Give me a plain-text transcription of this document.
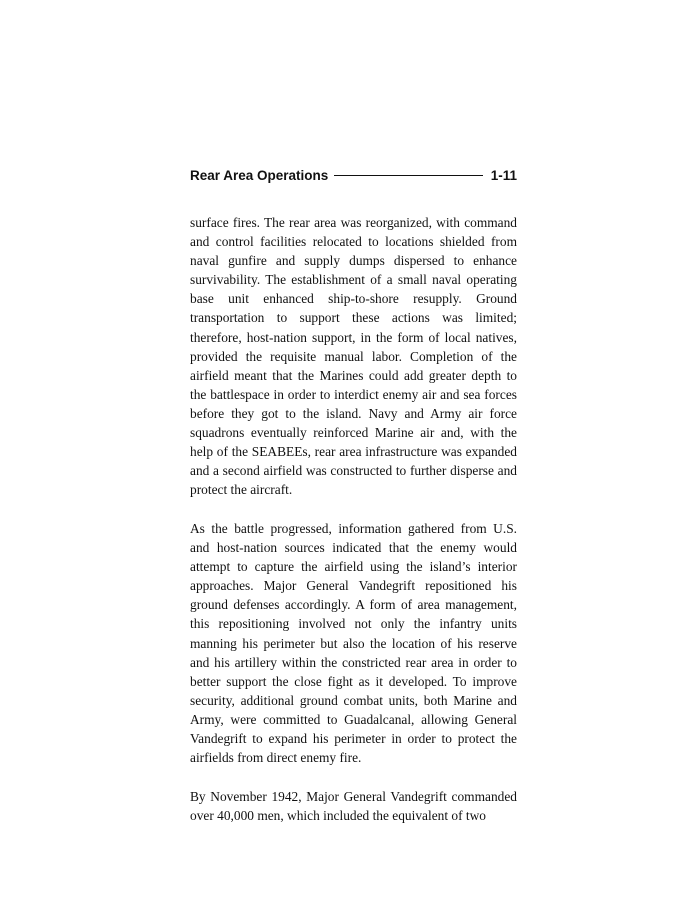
Rear Area Operations	1-11

surface fires. The rear area was reorganized, with command and control facilities relocated to locations shielded from naval gunfire and supply dumps dispersed to enhance survivability. The establishment of a small naval operating base unit enhanced ship-to-shore resupply. Ground transportation to support these actions was limited; therefore, host-nation support, in the form of local natives, provided the requisite manual labor. Completion of the airfield meant that the Marines could add greater depth to the battlespace in order to interdict enemy air and sea forces before they got to the island. Navy and Army air force squadrons eventually reinforced Marine air and, with the help of the SEABEEs, rear area infrastructure was expanded and a second airfield was constructed to further disperse and protect the aircraft.

As the battle progressed, information gathered from U.S. and host-nation sources indicated that the enemy would attempt to capture the airfield using the island’s interior approaches. Major General Vandegrift repositioned his ground defenses accordingly. A form of area management, this repositioning involved not only the infantry units manning his perimeter but also the location of his reserve and his artillery within the constricted rear area in order to better support the close fight as it developed. To improve security, additional ground combat units, both Marine and Army, were committed to Guadalcanal, allowing General Vandegrift to expand his perimeter in order to protect the airfields from direct enemy fire.

By November 1942, Major General Vandegrift commanded over 40,000 men, which included the equivalent of two
